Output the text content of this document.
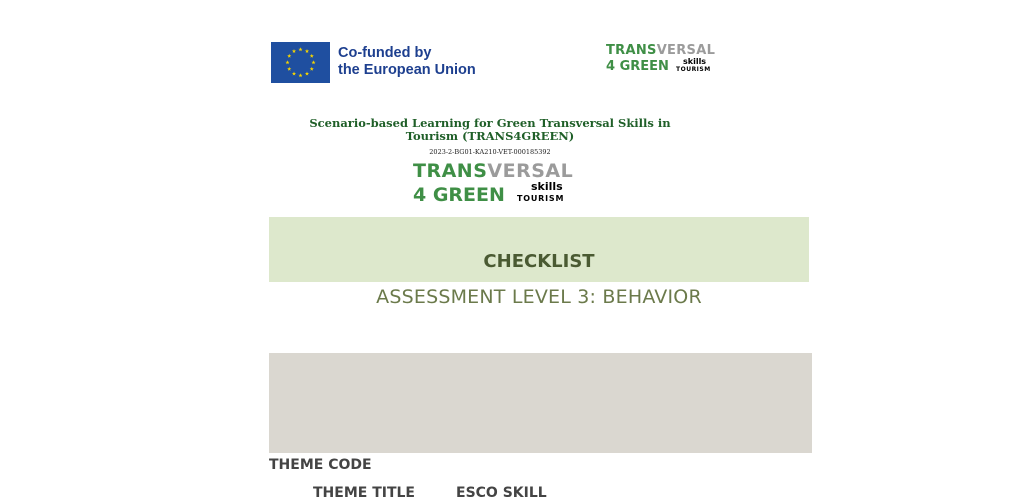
Co-funded by
the European Union
TRANSVERSAL
4 GREEN skills
TOURISM
Scenario-based Learning for Green Transversal Skills in Tourism (TRANS4GREEN)
2023-2-BG01-KA210-VET-000185392
TRANSVERSAL
4 GREEN skills
TOURISM
CHECKLIST
ASSESSMENT LEVEL 3: BEHAVIOR
THEME CODE
THEME TITLE	ESCO SKILL
